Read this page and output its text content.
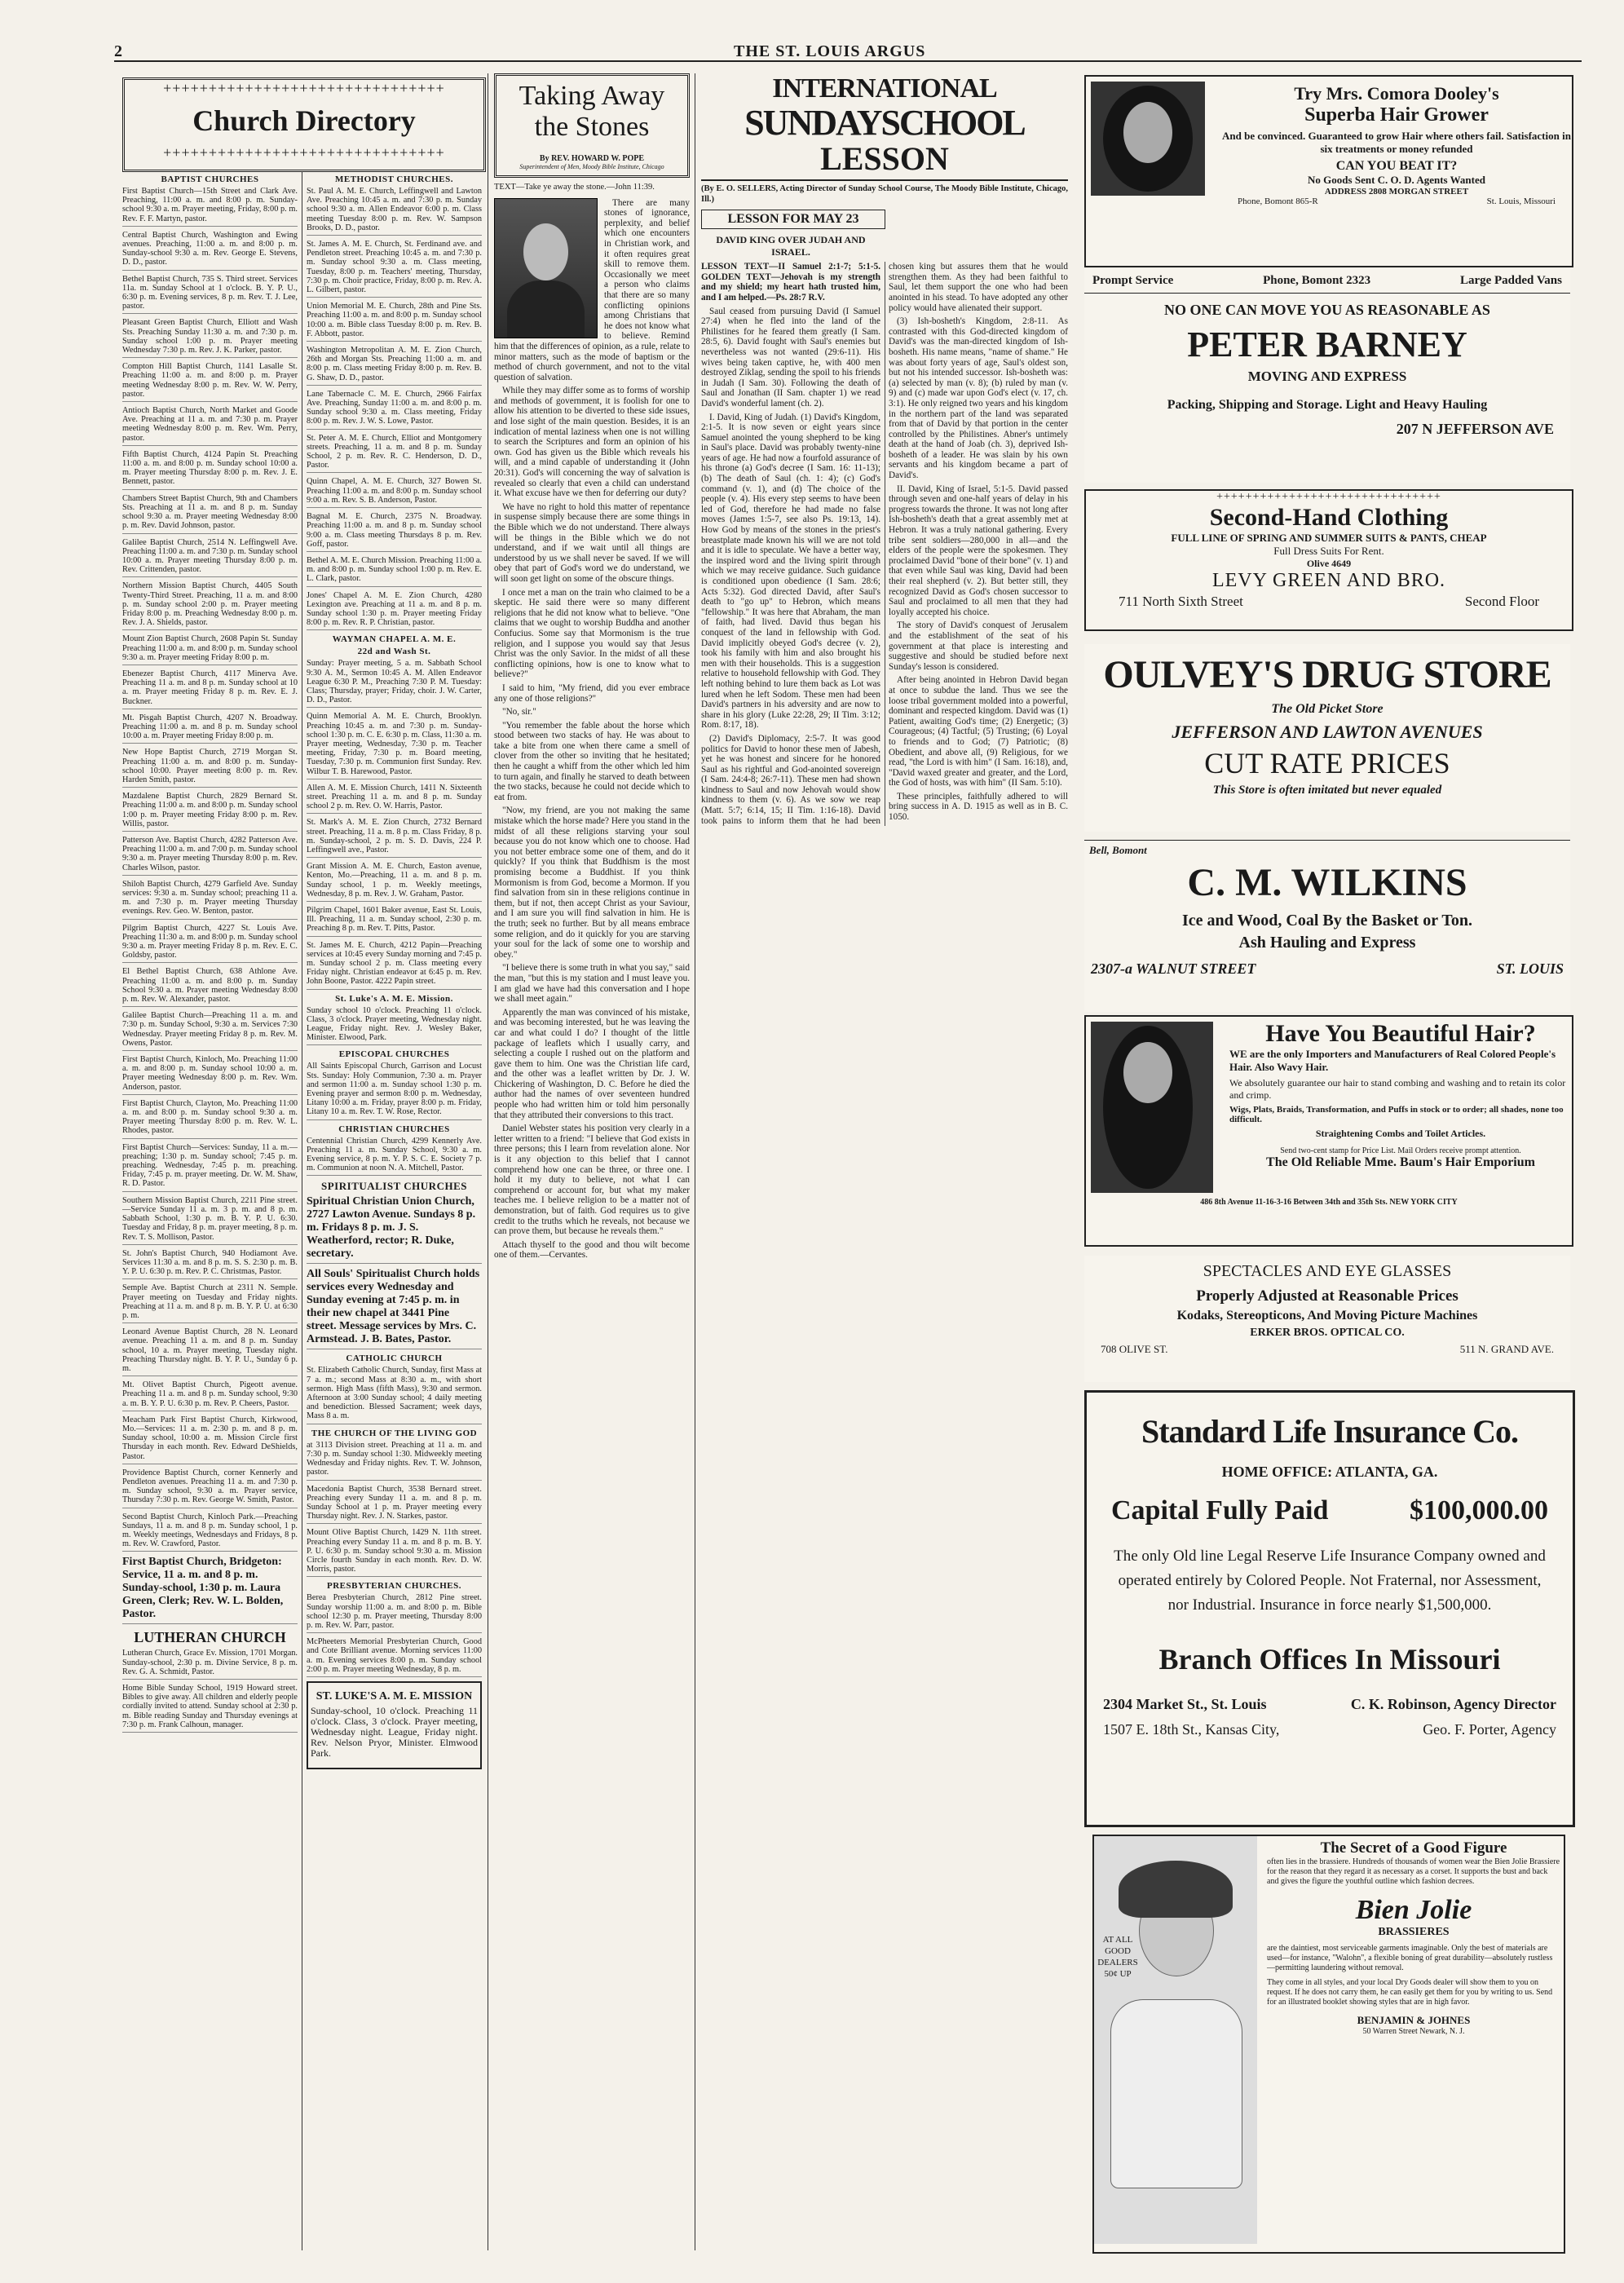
2	THE ST. LOUIS ARGUS
+++++++++++++++++++++++++++++++
Church Directory
+++++++++++++++++++++++++++++++
BAPTIST CHURCHES
First Baptist Church—15th Street and Clark Ave. Preaching, 11:00 a. m. and 8:00 p. m. Sunday-school 9:30 a. m. Prayer meeting, Friday, 8:00 p. m. Rev. F. F. Martyn, pastor.
Central Baptist Church, Washington and Ewing avenues. Preaching, 11:00 a. m. and 8:00 p. m. Sunday-school 9:30 a. m. Rev. George E. Stevens, D. D., pastor.
Bethel Baptist Church, 735 S. Third street. Services 11a. m. Sunday School at 1 o'clock. B. Y. P. U., 6:30 p. m. Evening services, 8 p. m. Rev. T. J. Lee, pastor.
Pleasant Green Baptist Church, Elliott and Wash Sts. Preaching Sunday 11:30 a. m. and 7:30 p. m. Sunday school 1:00 p. m. Prayer meeting Wednesday 7:30 p. m. Rev. J. K. Parker, pastor.
Compton Hill Baptist Church, 1141 Lasalle St. Preaching 11:00 a. m. and 8:00 p. m. Prayer meeting Wednesday 8:00 p. m. Rev. W. W. Perry, pastor.
Antioch Baptist Church, North Market and Goode Ave. Preaching at 11 a. m. and 7:30 p. m. Prayer meeting Wednesday 8:00 p. m. Rev. Wm. Perry, pastor.
Fifth Baptist Church, 4124 Papin St. Preaching 11:00 a. m. and 8:00 p. m. Sunday school 10:00 a. m. Prayer meeting Thursday 8:00 p. m. Rev. J. E. Bennett, pastor.
Chambers Street Baptist Church, 9th and Chambers Sts. Preaching at 11 a. m. and 8 p. m. Sunday school 9:30 a. m. Prayer meeting Wednesday 8:00 p. m. Rev. David Johnson, pastor.
Galilee Baptist Church, 2514 N. Leffingwell Ave. Preaching 11:00 a. m. and 7:30 p. m. Sunday school 10:00 a. m. Prayer meeting Thursday 8:00 p. m. Rev. Crittenden, pastor.
Northern Mission Baptist Church, 4405 South Twenty-Third Street. Preaching, 11 a. m. and 8:00 p. m. Sunday school 2:00 p. m. Prayer meeting Friday 8:00 p. m. Preaching Wednesday 8:00 p. m. Rev. J. A. Shields, pastor.
Mount Zion Baptist Church, 2608 Papin St. Sunday Preaching 11:00 a. m. and 8:00 p. m. Sunday school 9:30 a. m. Prayer meeting Friday 8:00 p. m.
Ebenezer Baptist Church, 4117 Minerva Ave. Preaching 11 a. m. and 8 p. m. Sunday school at 10 a. m. Prayer meeting Friday 8 p. m. Rev. E. J. Buckner.
Mt. Pisgah Baptist Church, 4207 N. Broadway. Preaching 11:00 a. m. and 8 p. m. Sunday school 10:00 a. m. Prayer meeting Friday 8:00 p. m.
New Hope Baptist Church, 2719 Morgan St. Preaching 11:00 a. m. and 8:00 p. m. Sunday-school 10:00. Prayer meeting 8:00 p. m. Rev. Harden Smith, pastor.
Mazdalene Baptist Church, 2829 Bernard St. Preaching 11:00 a. m. and 8:00 p. m. Sunday school 1:00 p. m. Prayer meeting Friday 8:00 p. m. Rev. Willis, pastor.
Patterson Ave. Baptist Church, 4282 Patterson Ave. Preaching 11:00 a. m. and 7:00 p. m. Sunday school 9:30 a. m. Prayer meeting Thursday 8:00 p. m. Rev. Charles Wilson, pastor.
Shiloh Baptist Church, 4279 Garfield Ave. Sunday services: 9:30 a. m. Sunday school; preaching 11 a. m. and 7:30 p. m. Prayer meeting Thursday evenings. Rev. Geo. W. Benton, pastor.
Pilgrim Baptist Church, 4227 St. Louis Ave. Preaching 11:30 a. m. and 8:00 p. m. Sunday school 9:30 a. m. Prayer meeting Friday 8 p. m. Rev. E. C. Goldsby, pastor.
El Bethel Baptist Church, 638 Athlone Ave. Preaching 11:00 a. m. and 8:00 p. m. Sunday School 9:30 a. m. Prayer meeting Wednesday 8:00 p. m. Rev. W. Alexander, pastor.
Galilee Baptist Church—Preaching 11 a. m. and 7:30 p. m. Sunday School, 9:30 a. m. Services 7:30 Wednesday. Prayer meeting Friday 8 p. m. Rev. M. Owens, Pastor.
First Baptist Church, Kinloch, Mo. Preaching 11:00 a. m. and 8:00 p. m. Sunday school 10:00 a. m. Prayer meeting Wednesday 8:00 p. m. Rev. Wm. Anderson, pastor.
First Baptist Church, Clayton, Mo. Preaching 11:00 a. m. and 8:00 p. m. Sunday school 9:30 a. m. Prayer meeting Thursday 8:00 p. m. Rev. W. L. Rhodes, pastor.
First Baptist Church—Services: Sunday, 11 a. m.—preaching; 1:30 p. m. Sunday school; 7:45 p. m. preaching. Wednesday, 7:45 p. m. preaching. Friday, 7:45 p. m. prayer meeting. Dr. W. M. Shaw, R. D. Pastor.
Southern Mission Baptist Church, 2211 Pine street.—Service Sunday 11 a. m. 3 p. m. and 8 p. m. Sabbath School, 1:30 p. m. B. Y. P. U. 6:30. Tuesday and Friday, 8 p. m. prayer meeting, 8 p. m. Rev. T. S. Mollison, Pastor.
St. John's Baptist Church, 940 Hodiamont Ave. Services 11:30 a. m. and 8 p. m. S. S. 2:30 p. m. B. Y. P. U. 6:30 p. m. Rev. P. C. Christmas, Pastor.
Semple Ave. Baptist Church at 2311 N. Semple. Prayer meeting on Tuesday and Friday nights. Preaching at 11 a. m. and 8 p. m. B. Y. P. U. at 6:30 p. m.
Leonard Avenue Baptist Church, 28 N. Leonard avenue. Preaching 11 a. m. and 8 p. m. Sunday school, 10 a. m. Prayer meeting, Tuesday night. Preaching Thursday night. B. Y. P. U., Sunday 6 p. m.
Mt. Olivet Baptist Church, Pigeott avenue. Preaching 11 a. m. and 8 p. m. Sunday school, 9:30 a. m. B. Y. P. U. 6:30 p. m. Rev. P. Cheers, Pastor.
Meacham Park First Baptist Church, Kirkwood, Mo.—Services: 11 a. m. 2:30 p. m. and 8 p. m. Sunday school, 10:00 a. m. Mission Circle first Thursday in each month. Rev. Edward DeShields, Pastor.
Providence Baptist Church, corner Kennerly and Pendleton avenues. Preaching 11 a. m. and 7:30 p. m. Sunday school, 9:30 a. m. Prayer service, Thursday 7:30 p. m. Rev. George W. Smith, Pastor.
Second Baptist Church, Kinloch Park.—Preaching Sundays, 11 a. m. and 8 p. m. Sunday school, 1 p. m. Weekly meetings, Wednesdays and Fridays, 8 p. m. Rev. W. Crawford, Pastor.
First Baptist Church, Bridgeton: Service, 11 a. m. and 8 p. m. Sunday-school, 1:30 p. m. Laura Green, Clerk; Rev. W. L. Bolden, Pastor.
LUTHERAN CHURCH
Lutheran Church, Grace Ev. Mission, 1701 Morgan. Sunday-school, 2:30 p. m. Divine Service, 8 p. m. Rev. G. A. Schmidt, Pastor.
Home Bible Sunday School, 1919 Howard street. Bibles to give away. All children and elderly people cordially invited to attend. Sunday school at 2:30 p. m. Bible reading Sunday and Thursday evenings at 7:30 p. m. Frank Calhoun, manager.
METHODIST CHURCHES.
St. Paul A. M. E. Church, Leffingwell and Lawton Ave. Preaching 10:45 a. m. and 7:30 p. m. Sunday school 9:30 a. m. Allen Endeavor 6:00 p. m. Class meeting Tuesday 8:00 p. m. Rev. W. Sampson Brooks, D. D., pastor.
St. James A. M. E. Church, St. Ferdinand ave. and Pendleton street. Preaching 10:45 a. m. and 7:30 p. m. Sunday school 9:30 a. m. Class meeting, Tuesday, 8:00 p. m. Teachers' meeting, Thursday, 7:30 p. m. Choir practice, Friday, 8:00 p. m. Rev. A. L. Gilbert, pastor.
Union Memorial M. E. Church, 28th and Pine Sts. Preaching 11:00 a. m. and 8:00 p. m. Sunday school 10:00 a. m. Bible class Tuesday 8:00 p. m. Rev. B. F. Abbott, pastor.
Washington Metropolitan A. M. E. Zion Church, 26th and Morgan Sts. Preaching 11:00 a. m. and 8:00 p. m. Class meeting Friday 8:00 p. m. Rev. B. G. Shaw, D. D., pastor.
Lane Tabernacle C. M. E. Church, 2966 Fairfax Ave. Preaching, Sunday 11:00 a. m. and 8:00 p. m. Sunday school 9:30 a. m. Class meeting, Friday 8:00 p. m. Rev. J. W. S. Lowe, Pastor.
St. Peter A. M. E. Church, Elliot and Montgomery streets. Preaching, 11 a. m. and 8 p. m. Sunday School, 2 p. m. Rev. R. C. Henderson, D. D., Pastor.
Quinn Chapel, A. M. E. Church, 327 Bowen St. Preaching 11:00 a. m. and 8:00 p. m. Sunday school 9:00 a. m. Rev. S. B. Anderson, Pastor.
Bagnal M. E. Church, 2375 N. Broadway. Preaching 11:00 a. m. and 8 p. m. Sunday school 9:00 a. m. Class meeting Thursdays 8 p. m. Rev. Goff, pastor.
Bethel A. M. E. Church Mission. Preaching 11:00 a. m. and 8:00 p. m. Sunday school 1:00 p. m. Rev. E. L. Clark, pastor.
Jones' Chapel A. M. E. Zion Church, 4280 Lexington ave. Preaching at 11 a. m. and 8 p. m. Sunday school 1:30 p. m. Prayer meeting Friday 8:00 p. m. Rev. R. P. Christian, pastor.
WAYMAN CHAPEL A. M. E.
22d and Wash St.
Sunday: Prayer meeting, 5 a. m. Sabbath School 9:30 A. M., Sermon 10:45 A. M. Allen Endeavor League 6:30 P. M., Preaching 7:30 P. M. Tuesday: Class; Thursday, prayer; Friday, choir. J. W. Carter, D. D., Pastor.
Quinn Memorial A. M. E. Church, Brooklyn. Preaching 10:45 a. m. and 7:30 p. m. Sunday-school 1:30 p. m. C. E. 6:30 p. m. Class, 11:30 a. m. Prayer meeting, Wednesday, 7:30 p. m. Teacher meeting, Friday, 7:30 p. m. Board meeting, Tuesday, 7:30 p. m. Communion first Sunday. Rev. Wilbur T. B. Harewood, Pastor.
Allen A. M. E. Mission Church, 1411 N. Sixteenth street. Preaching 11 a. m. and 8 p. m. Sunday school 2 p. m. Rev. O. W. Harris, Pastor.
St. Mark's A. M. E. Zion Church, 2732 Bernard street. Preaching, 11 a. m. 8 p. m. Class Friday, 8 p. m. Sunday-school, 2 p. m. S. D. Davis, 224 P. Leffingwell ave., Pastor.
Grant Mission A. M. E. Church, Easton avenue, Kenton, Mo.—Preaching, 11 a. m. and 8 p. m. Sunday school, 1 p. m. Weekly meetings, Wednesday, 8 p. m. Rev. J. W. Graham, Pastor.
Pilgrim Chapel, 1601 Baker avenue, East St. Louis, Ill. Preaching, 11 a. m. Sunday school, 2:30 p. m. Preaching 8 p. m. Rev. T. Pitts, Pastor.
St. James M. E. Church, 4212 Papin—Preaching services at 10:45 every Sunday morning and 7:45 p. m. Sunday school 2 p. m. Class meeting every Friday night. Christian endeavor at 6:45 p. m. Rev. John Boone, Pastor. 4222 Papin street.
St. Luke's A. M. E. Mission.
Sunday school 10 o'clock. Preaching 11 o'clock. Class, 3 o'clock. Prayer meeting, Wednesday night. League, Friday night. Rev. J. Wesley Baker, Minister. Elwood, Park.
EPISCOPAL CHURCHES
All Saints Episcopal Church, Garrison and Locust Sts. Sunday: Holy Communion, 7:30 a. m. Prayer and sermon 11:00 a. m. Sunday school 1:30 p. m. Evening prayer and sermon 8:00 p. m. Wednesday, Litany 10:00 a. m. Friday, prayer 8:00 p. m. Friday, Litany 10 a. m. Rev. T. W. Rose, Rector.
CHRISTIAN CHURCHES
Centennial Christian Church, 4299 Kennerly Ave. Preaching 11 a. m. Sunday School, 9:30 a. m. Evening service, 8 p. m. Y. P. S. C. E. Society 7 p. m. Communion at noon N. A. Mitchell, Pastor.
SPIRITUALIST CHURCHES
Spiritual Christian Union Church, 2727 Lawton Avenue. Sundays 8 p. m. Fridays 8 p. m. J. S. Weatherford, rector; R. Duke, secretary.
All Souls' Spiritualist Church holds services every Wednesday and Sunday evening at 7:45 p. m. in their new chapel at 3441 Pine street. Message services by Mrs. C. Armstead. J. B. Bates, Pastor.
CATHOLIC CHURCH
St. Elizabeth Catholic Church, Sunday, first Mass at 7 a. m.; second Mass at 8:30 a. m., with short sermon. High Mass (fifth Mass), 9:30 and sermon. Afternoon at 3:00 Sunday school; 4 daily meeting and benediction. Blessed Sacrament; week days, Mass 8 a. m.
THE CHURCH OF THE LIVING GOD
at 3113 Division street. Preaching at 11 a. m. and 7:30 p. m. Sunday school 1:30. Midweekly meeting Wednesday and Friday nights. Rev. T. W. Johnson, pastor.
Macedonia Baptist Church, 3538 Bernard street. Preaching every Sunday 11 a. m. and 8 p. m. Sunday School at 1 p. m. Prayer meeting every Thursday night. Rev. J. N. Starkes, pastor.
Mount Olive Baptist Church, 1429 N. 11th street. Preaching every Sunday 11 a. m. and 8 p. m. B. Y. P. U. 6:30 p. m. Sunday school 9:30 a. m. Mission Circle fourth Sunday in each month. Rev. D. W. Morris, pastor.
PRESBYTERIAN CHURCHES.
Berea Presbyterian Church, 2812 Pine street. Sunday worship 11:00 a. m. and 8:00 p. m. Bible school 12:30 p. m. Prayer meeting, Thursday 8:00 p. m. Rev. W. Parr, pastor.
McPheeters Memorial Presbyterian Church, Good and Cote Brilliant avenue. Morning services 11:00 a. m. Evening services 8:00 p. m. Sunday school 2:00 p. m. Prayer meeting Wednesday, 8 p. m.
ST. LUKE'S A. M. E. MISSION
Sunday-school, 10 o'clock. Preaching 11 o'clock. Class, 3 o'clock. Prayer meeting, Wednesday night. League, Friday night. Rev. Nelson Pryor, Minister. Elmwood Park.
Taking Away
the Stones
By REV. HOWARD W. POPE
Superintendent of Men, Moody Bible Institute, Chicago
TEXT—Take ye away the stone.—John 11:39.

There are many stones of ignorance, perplexity, and belief which one encounters in Christian work, and it often requires great skill to remove them. Occasionally we meet a person who claims that there are so many conflicting opinions among Christians that he does not know what to believe. Remind him that the differences of opinion, as a rule, relate to minor matters, such as the mode of baptism or the method of church government, and not to the vital question of salvation.

While they may differ some as to forms of worship and methods of government, it is foolish for one to allow his attention to be diverted to these side issues, and lose sight of the main question. Besides, it is an indication of mental laziness when one is not willing to search the Scriptures and form an opinion of his own. God has given us the Bible which reveals his will, and a mind capable of understanding it (John 20:31). God's will concerning the way of salvation is revealed so clearly that even a child can understand it. What excuse have we then for deferring our duty?

We have no right to hold this matter of repentance in suspense simply because there are some things in the Bible which we do not understand. There always will be things in the Bible which we do not understand, and if we wait until all things are understood by us we shall never be saved. If we will obey that part of God's word we do understand, we will soon get light on some of the obscure things.

I once met a man on the train who claimed to be a skeptic. He said there were so many different religions that he did not know what to believe. "One claims that we ought to worship Buddha and another Confucius. Some say that Mormonism is the true religion, and I suppose you would say that Jesus Christ was the only Savior. In the midst of all these conflicting opinions, how is one to know what to believe?"

I said to him, "My friend, did you ever embrace any one of those religions?"

"No, sir."

"You remember the fable about the horse which stood between two stacks of hay. He was about to take a bite from one when there came a smell of clover from the other so inviting that he hesitated; then he caught a whiff from the other which led him to turn again, and finally he starved to death between the two stacks, because he could not decide which to eat from.

"Now, my friend, are you not making the same mistake which the horse made? Here you stand in the midst of all these religions starving your soul because you do not know which one to choose. Had you not better embrace some one of them, and do it quickly? If you think that Buddhism is the most promising become a Buddhist. If you think Mormonism is from God, become a Mormon. If you find salvation from sin in these religions continue in them, but if not, then accept Christ as your Saviour, and I am sure you will find salvation in him. He is the truth; seek no further. But by all means embrace some religion, and do it quickly for you are starving your soul for the lack of some one to worship and obey."

"I believe there is some truth in what you say," said the man, "but this is my station and I must leave you. I am glad we have had this conversation and I hope we shall meet again."

Apparently the man was convinced of his mistake, and was becoming interested, but he was leaving the car and what could I do? I thought of the little package of leaflets which I usually carry, and selecting a couple I rushed out on the platform and gave them to him. One was the Christian life card, and the other was a leaflet written by Dr. J. W. Chickering of Washington, D. C. Before he died the author had the names of over seventeen hundred people who had written him or told him personally that they attributed their conversions to this tract.

Daniel Webster states his position very clearly in a letter written to a friend: "I believe that God exists in three persons; this I learn from revelation alone. Nor is it any objection to this belief that I cannot comprehend how one can be three, or three one. I hold it my duty to believe, not what I can comprehend or account for, but what my maker teaches me. I believe religion to be a matter not of demonstration, but of faith. God requires us to give credit to the truths which he reveals, not because we can prove them, but because he reveals them."

Attach thyself to the good and thou wilt become one of them.—Cervantes.

INTERNATIONAL
SUNDAYSCHOOL
LESSON
(By E. O. SELLERS, Acting Director of Sunday School Course, The Moody Bible Institute, Chicago, Ill.)
LESSON FOR MAY 23
DAVID KING OVER JUDAH AND ISRAEL.
LESSON TEXT—II Samuel 2:1-7; 5:1-5. GOLDEN TEXT—Jehovah is my strength and my shield; my heart hath trusted him, and I am helped.—Ps. 28:7 R.V.

Saul ceased from pursuing David (I Samuel 27:4) when he fled into the land of the Philistines for he feared them greatly (I Sam. 28:5, 6). David fought with Saul's enemies but nevertheless was not wanted (29:6-11). His wives being taken captive, he, with 400 men destroyed Ziklag, sending the spoil to his friends in Judah (I Sam. 30). Following the death of Saul and Jonathan (II Sam. chapter 1) we read David's wonderful lament (ch. 2).

I. David, King of Judah. (1) David's Kingdom, 2:1-5. It is now seven or eight years since Samuel anointed the young shepherd to be king in Saul's place. David was probably twenty-nine years of age. He had now a fourfold assurance of his throne (a) God's decree (I Sam. 16: 11-13); (b) The death of Saul (ch. 1: 4); (c) God's command (v. 1), and (d) The choice of the people (v. 4). His every step seems to have been led of God, therefore he had made no false moves (James 1:5-7, see also Ps. 19:13, 14). How God by means of the stones in the priest's breastplate made known his will we are not told and it is idle to speculate. We have a better way, the inspired word and the living spirit through which we may receive guidance. Such guidance is conditioned upon obedience (I Sam. 28:6; Acts 5:32). God directed David, after Saul's death to "go up" to Hebron, which means "fellowship." It was here that Abraham, the man of faith, had lived. David thus began his conquest of the land in fellowship with God. David implicitly obeyed God's decree (v. 2), took his family with him and also brought his men with their households. This is a suggestion relative to household fellowship with God. They left nothing behind to lure them back as Lot was lured when he left Sodom. These men had been David's partners in his adversity and are now to share in his glory (Luke 22:28, 29; II Tim. 3:12; Rom. 8:17, 18).

(2) David's Diplomacy, 2:5-7. It was good politics for David to honor these men of Jabesh, yet he was honest and sincere for he honored Saul as his rightful and God-anointed sovereign (I Sam. 24:4-8; 26:7-11). These men had shown kindness to Saul and now Jehovah would show kindness to them (v. 6). As we sow we reap (Matt. 5:7; 6:14, 15; II Tim. 1:16-18). David took pains to inform them that he had been chosen king but assures them that he would strengthen them. As they had been faithful to Saul, let them support the one who had been anointed in his stead. To have adopted any other policy would have alienated their support.

(3) Ish-bosheth's Kingdom, 2:8-11. As contrasted with this God-directed kingdom of David's was the man-directed kingdom of Ish-bosheth. His name means, "name of shame." He was about forty years of age, Saul's oldest son, but not his intended successor. Ish-bosheth was: (a) selected by man (v. 8); (b) ruled by man (v. 9) and (c) made war upon God's elect (v. 17, ch. 3:1). He only reigned two years and his kingdom in the northern part of the land was separated from that of David by that portion in the center controlled by the Philistines. Abner's untimely death at the hand of Joab (ch. 3), deprived Ish-bosheth of a leader. He was slain by his own servants and his kingdom became a part of David's.

II. David, King of Israel, 5:1-5. David passed through seven and one-half years of delay in his progress towards the throne. It was not long after Ish-bosheth's death that a great assembly met at Hebron. It was a truly national gathering. Every tribe sent soldiers—280,000 in all—and the elders of the people were the spokesmen. They proclaimed David "bone of their bone" (v. 1) and that even while Saul was king, David had been their real shepherd (v. 2). But better still, they recognized David as God's chosen successor to Saul and proclaimed to all men that they had loyally accepted his choice.

The story of David's conquest of Jerusalem and the establishment of the seat of his government at that place is interesting and suggestive and should be studied before next Sunday's lesson is considered.

After being anointed in Hebron David began at once to subdue the land. Thus we see the loose tribal government molded into a powerful, dominant and respected kingdom. David was (1) Patient, awaiting God's time; (2) Energetic; (3) Courageous; (4) Tactful; (5) Trusting; (6) Loyal to friends and to God; (7) Patriotic; (8) Obedient, and above all, (9) Religious, for we read, "the Lord is with him" (I Sam. 16:18), and, "David waxed greater and greater, and the Lord, the God of hosts, was with him" (II Sam. 5:10).

These principles, faithfully adhered to will bring success in A. D. 1915 as well as in B. C. 1050.

Try Mrs. Comora Dooley's
Superba Hair Grower
And be convinced. Guaranteed to grow Hair where others fail. Satisfaction in six treatments or money refunded
CAN YOU BEAT IT?
No Goods Sent C. O. D. Agents Wanted
ADDRESS 2808 MORGAN STREET
Phone, Bomont 865-R	St. Louis, Missouri
Prompt Service	Phone, Bomont 2323	Large Padded Vans
NO ONE CAN MOVE YOU AS REASONABLE AS
PETER BARNEY
MOVING AND EXPRESS
Packing, Shipping and Storage. Light and Heavy Hauling
207 N JEFFERSON AVE
+++++++++++++++++++++++++++++++
Second-Hand Clothing
FULL LINE OF SPRING AND SUMMER SUITS & PANTS, CHEAP
Full Dress Suits For Rent.
Olive 4649
LEVY GREEN AND BRO.
711 North Sixth Street	Second Floor
OULVEY'S DRUG STORE
The Old Picket Store
JEFFERSON AND LAWTON AVENUES
CUT RATE PRICES
This Store is often imitated but never equaled
Bell, Bomont
C. M. WILKINS
Ice and Wood, Coal By the Basket or Ton.
Ash Hauling and Express
2307-a WALNUT STREET	ST. LOUIS
Have You Beautiful Hair?
WE are the only Importers and Manufacturers of Real Colored People's Hair. Also Wavy Hair.
We absolutely guarantee our hair to stand combing and washing and to retain its color and crimp.
Wigs, Plats, Braids, Transformation, and Puffs in stock or to order; all shades, none too difficult.
Straightening Combs and Toilet Articles.
Send two-cent stamp for Price List. Mail Orders receive prompt attention.
The Old Reliable Mme. Baum's Hair Emporium
486 8th Avenue 11-16-3-16 Between 34th and 35th Sts. NEW YORK CITY
SPECTACLES AND EYE GLASSES
Properly Adjusted at Reasonable Prices
Kodaks, Stereopticons, And Moving Picture Machines
ERKER BROS. OPTICAL CO.
708 OLIVE ST.	511 N. GRAND AVE.
Standard Life Insurance Co.
HOME OFFICE: ATLANTA, GA.
Capital Fully Paid	$100,000.00
The only Old line Legal Reserve Life Insurance Company owned and operated entirely by Colored People. Not Fraternal, nor Assessment, nor Industrial. Insurance in force nearly $1,500,000.
Branch Offices In Missouri
2304 Market St., St. Louis	C. K. Robinson, Agency Director
1507 E. 18th St., Kansas City,	Geo. F. Porter, Agency
AT ALL GOOD DEALERS 50¢ UP
The Secret of a Good Figure
often lies in the brassiere. Hundreds of thousands of women wear the Bien Jolie Brassiere for the reason that they regard it as necessary as a corset. It supports the bust and back and gives the figure the youthful outline which fashion decrees.
Bien Jolie
BRASSIERES
are the daintiest, most serviceable garments imaginable. Only the best of materials are used—for instance, "Walohn", a flexible boning of great durability—absolutely rustless—permitting laundering without removal.
They come in all styles, and your local Dry Goods dealer will show them to you on request. If he does not carry them, he can easily get them for you by writing to us. Send for an illustrated booklet showing styles that are in high favor.
BENJAMIN & JOHNES
50 Warren Street Newark, N. J.
